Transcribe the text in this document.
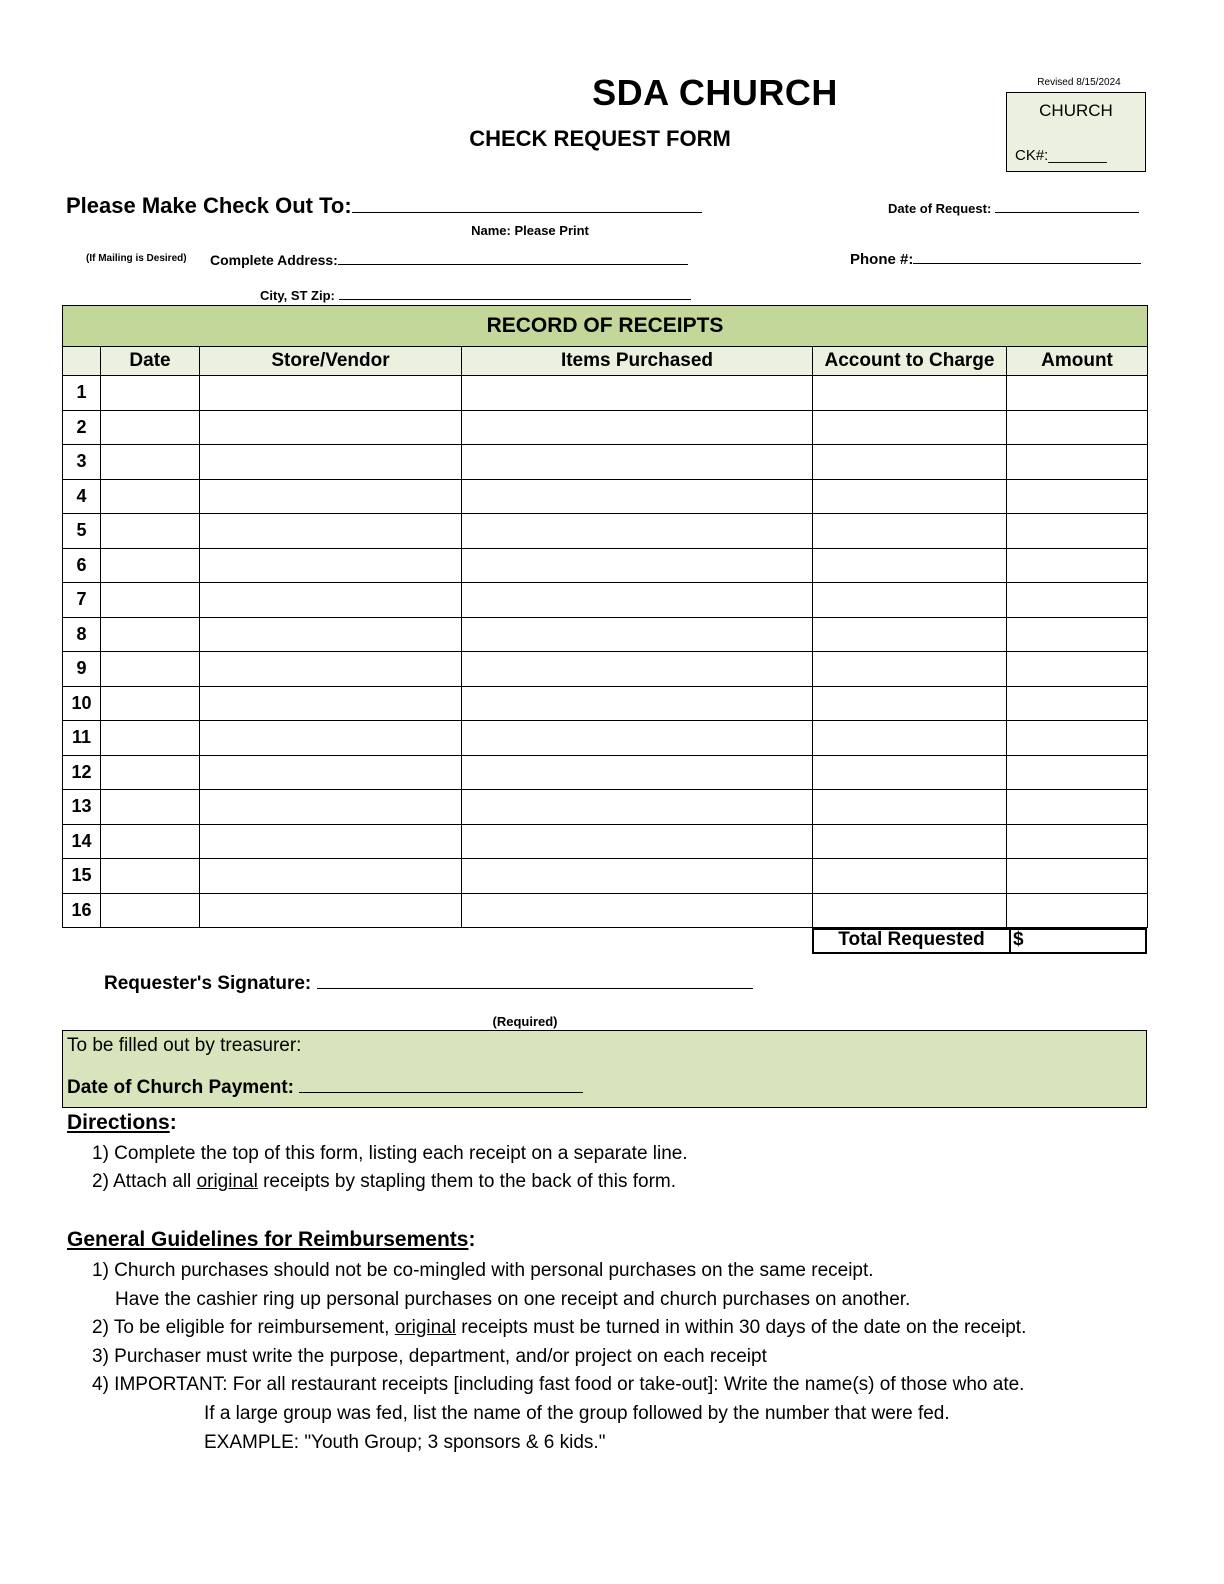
SDA CHURCH
CHECK REQUEST FORM
Revised 8/15/2024
CHURCH
CK#:_______
Please Make Check Out To:
Name: Please Print
Date of Request:
(If Mailing is Desired) Complete Address:	Phone #:
City, ST Zip:
RECORD OF RECEIPTS					
	Date	Store/Vendor	Items Purchased	Account to Charge	Amount
1					
2					
3					
4					
5					
6					
7					
8					
9					
10					
11					
12					
13					
14					
15					
16					
Total Requested	$
Requester's Signature:
(Required)
To be filled out by treasurer:
Date of Church Payment:
Directions:
1) Complete the top of this form, listing each receipt on a separate line.
2) Attach all original receipts by stapling them to the back of this form.
General Guidelines for Reimbursements:
1) Church purchases should not be co-mingled with personal purchases on the same receipt.
Have the cashier ring up personal purchases on one receipt and church purchases on another.
2) To be eligible for reimbursement, original receipts must be turned in within 30 days of the date on the receipt.
3) Purchaser must write the purpose, department, and/or project on each receipt
4) IMPORTANT: For all restaurant receipts [including fast food or take-out]: Write the name(s) of those who ate.
If a large group was fed, list the name of the group followed by the number that were fed.
EXAMPLE: "Youth Group; 3 sponsors & 6 kids."
